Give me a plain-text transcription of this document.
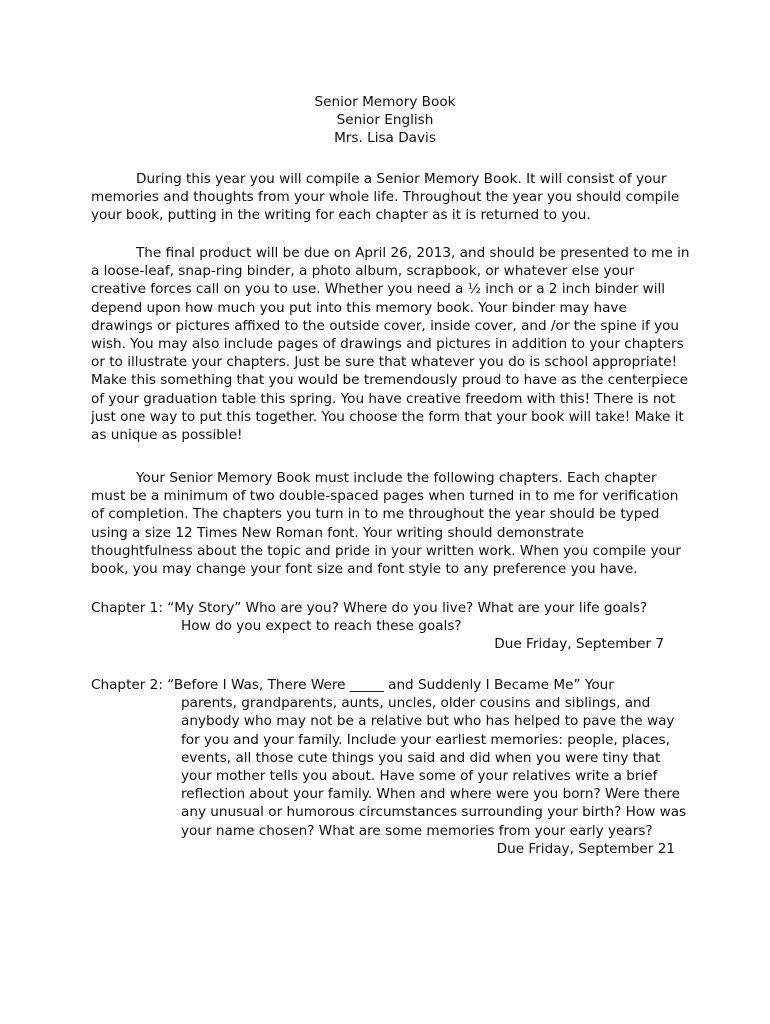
Senior Memory Book
Senior English
Mrs. Lisa Davis
During this year you will compile a Senior Memory Book. It will consist of your
memories and thoughts from your whole life. Throughout the year you should compile
your book, putting in the writing for each chapter as it is returned to you.
The final product will be due on April 26, 2013, and should be presented to me in
a loose-leaf, snap-ring binder, a photo album, scrapbook, or whatever else your
creative forces call on you to use. Whether you need a ½ inch or a 2 inch binder will
depend upon how much you put into this memory book. Your binder may have
drawings or pictures affixed to the outside cover, inside cover, and /or the spine if you
wish. You may also include pages of drawings and pictures in addition to your chapters
or to illustrate your chapters. Just be sure that whatever you do is school appropriate!
Make this something that you would be tremendously proud to have as the centerpiece
of your graduation table this spring. You have creative freedom with this! There is not
just one way to put this together. You choose the form that your book will take! Make it
as unique as possible!
Your Senior Memory Book must include the following chapters. Each chapter
must be a minimum of two double-spaced pages when turned in to me for verification
of completion. The chapters you turn in to me throughout the year should be typed
using a size 12 Times New Roman font. Your writing should demonstrate
thoughtfulness about the topic and pride in your written work. When you compile your
book, you may change your font size and font style to any preference you have.
Chapter 1: “My Story” Who are you? Where do you live? What are your life goals?
How do you expect to reach these goals?
Due Friday, September 7
Chapter 2: “Before I Was, There Were _____ and Suddenly I Became Me” Your
parents, grandparents, aunts, uncles, older cousins and siblings, and
anybody who may not be a relative but who has helped to pave the way
for you and your family. Include your earliest memories: people, places,
events, all those cute things you said and did when you were tiny that
your mother tells you about. Have some of your relatives write a brief
reflection about your family. When and where were you born? Were there
any unusual or humorous circumstances surrounding your birth? How was
your name chosen? What are some memories from your early years?
Due Friday, September 21
